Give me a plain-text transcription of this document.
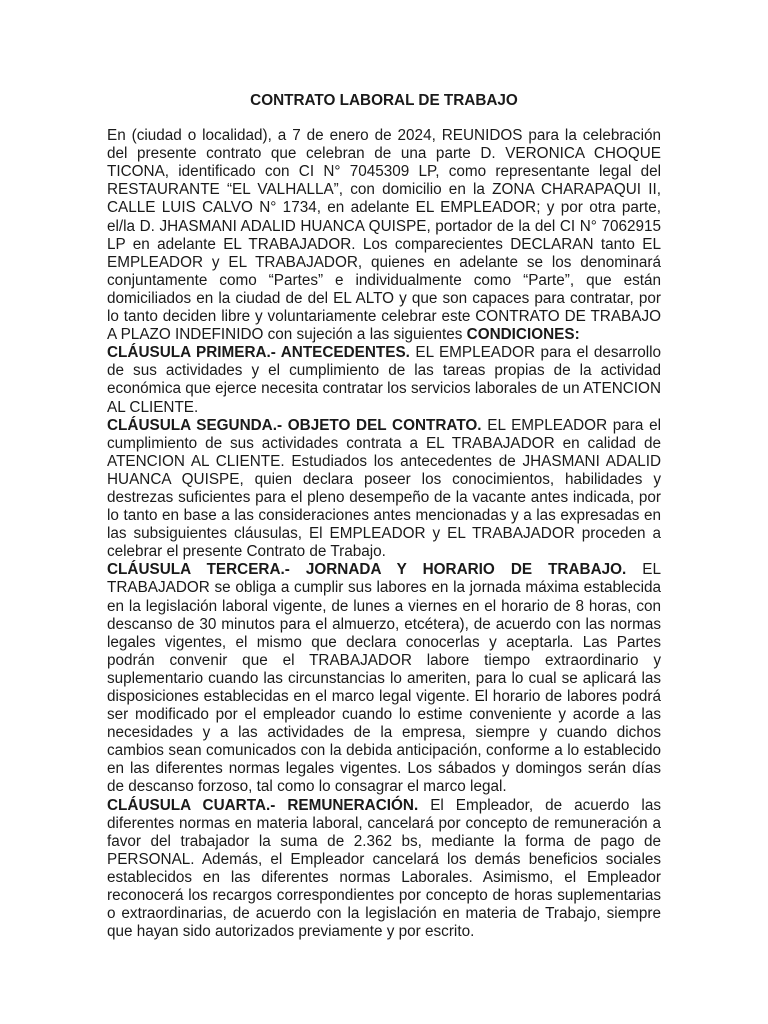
CONTRATO LABORAL DE TRABAJO

En (ciudad o localidad), a 7 de enero de 2024, REUNIDOS para la celebración del presente contrato que celebran de una parte D. VERONICA CHOQUE TICONA, identificado con CI N° 7045309 LP, como representante legal del RESTAURANTE “EL VALHALLA”, con domicilio en la ZONA CHARAPAQUI II, CALLE LUIS CALVO N° 1734, en adelante EL EMPLEADOR; y por otra parte, el/la D. JHASMANI ADALID HUANCA QUISPE, portador de la del CI N° 7062915 LP en adelante EL TRABAJADOR. Los comparecientes DECLARAN tanto EL EMPLEADOR y EL TRABAJADOR, quienes en adelante se los denominará conjuntamente como “Partes” e individualmente como “Parte”, que están domiciliados en la ciudad de del EL ALTO y que son capaces para contratar, por lo tanto deciden libre y voluntariamente celebrar este CONTRATO DE TRABAJO A PLAZO INDEFINIDO con sujeción a las siguientes CONDICIONES:

CLÁUSULA PRIMERA.- ANTECEDENTES. EL EMPLEADOR para el desarrollo de sus actividades y el cumplimiento de las tareas propias de la actividad económica que ejerce necesita contratar los servicios laborales de un ATENCION AL CLIENTE.

CLÁUSULA SEGUNDA.- OBJETO DEL CONTRATO. EL EMPLEADOR para el cumplimiento de sus actividades contrata a EL TRABAJADOR en calidad de ATENCION AL CLIENTE. Estudiados los antecedentes de JHASMANI ADALID HUANCA QUISPE, quien declara poseer los conocimientos, habilidades y destrezas suficientes para el pleno desempeño de la vacante antes indicada, por lo tanto en base a las consideraciones antes mencionadas y a las expresadas en las subsiguientes cláusulas, El EMPLEADOR y EL TRABAJADOR proceden a celebrar el presente Contrato de Trabajo.

CLÁUSULA TERCERA.- JORNADA Y HORARIO DE TRABAJO. EL TRABAJADOR se obliga a cumplir sus labores en la jornada máxima establecida en la legislación laboral vigente, de lunes a viernes en el horario de 8 horas, con descanso de 30 minutos para el almuerzo, etcétera), de acuerdo con las normas legales vigentes, el mismo que declara conocerlas y aceptarla. Las Partes podrán convenir que el TRABAJADOR labore tiempo extraordinario y suplementario cuando las circunstancias lo ameriten, para lo cual se aplicará las disposiciones establecidas en el marco legal vigente. El horario de labores podrá ser modificado por el empleador cuando lo estime conveniente y acorde a las necesidades y a las actividades de la empresa, siempre y cuando dichos cambios sean comunicados con la debida anticipación, conforme a lo establecido en las diferentes normas legales vigentes. Los sábados y domingos serán días de descanso forzoso, tal como lo consagrar el marco legal.

CLÁUSULA CUARTA.- REMUNERACIÓN. El Empleador, de acuerdo las diferentes normas en materia laboral, cancelará por concepto de remuneración a favor del trabajador la suma de 2.362 bs, mediante la forma de pago de PERSONAL. Además, el Empleador cancelará los demás beneficios sociales establecidos en las diferentes normas Laborales. Asimismo, el Empleador reconocerá los recargos correspondientes por concepto de horas suplementarias o extraordinarias, de acuerdo con la legislación en materia de Trabajo, siempre que hayan sido autorizados previamente y por escrito.
